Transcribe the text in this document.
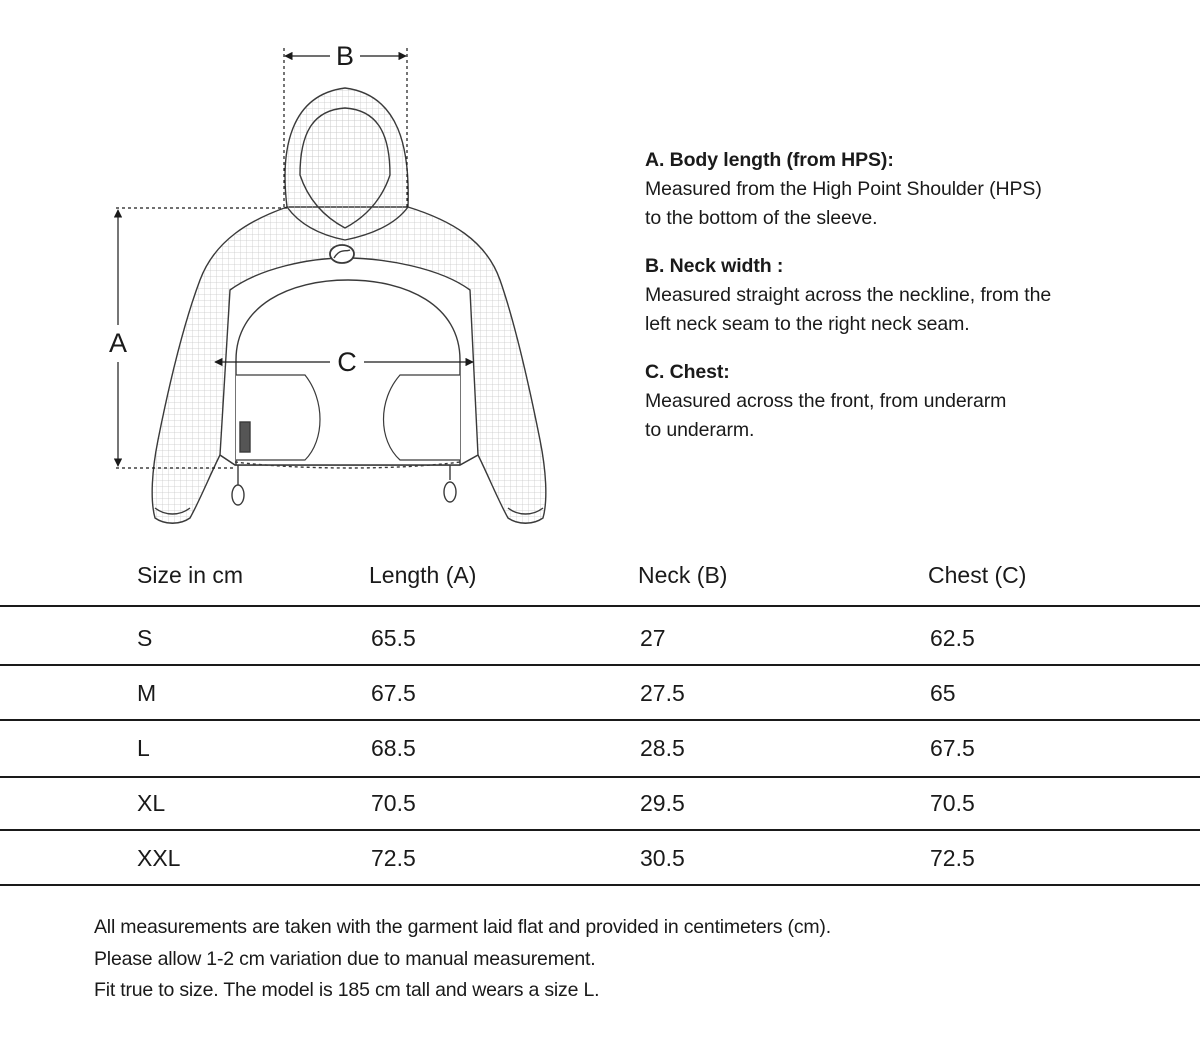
B
A
C
A. Body length (from HPS):
Measured from the High Point Shoulder (HPS)
to the bottom of the sleeve.
B. Neck width :
Measured straight across the neckline, from the
left neck seam to the right neck seam.
C. Chest:
Measured across the front, from underarm
to underarm.
Size in cm	Length (A)	Neck (B)	Chest (C)
S	65.5	27	62.5
M	67.5	27.5	65
L	68.5	28.5	67.5
XL	70.5	29.5	70.5
XXL	72.5	30.5	72.5
All measurements are taken with the garment laid flat and provided in centimeters (cm).
Please allow 1-2 cm variation due to manual measurement.
Fit true to size. The model is 185 cm tall and wears a size L.
